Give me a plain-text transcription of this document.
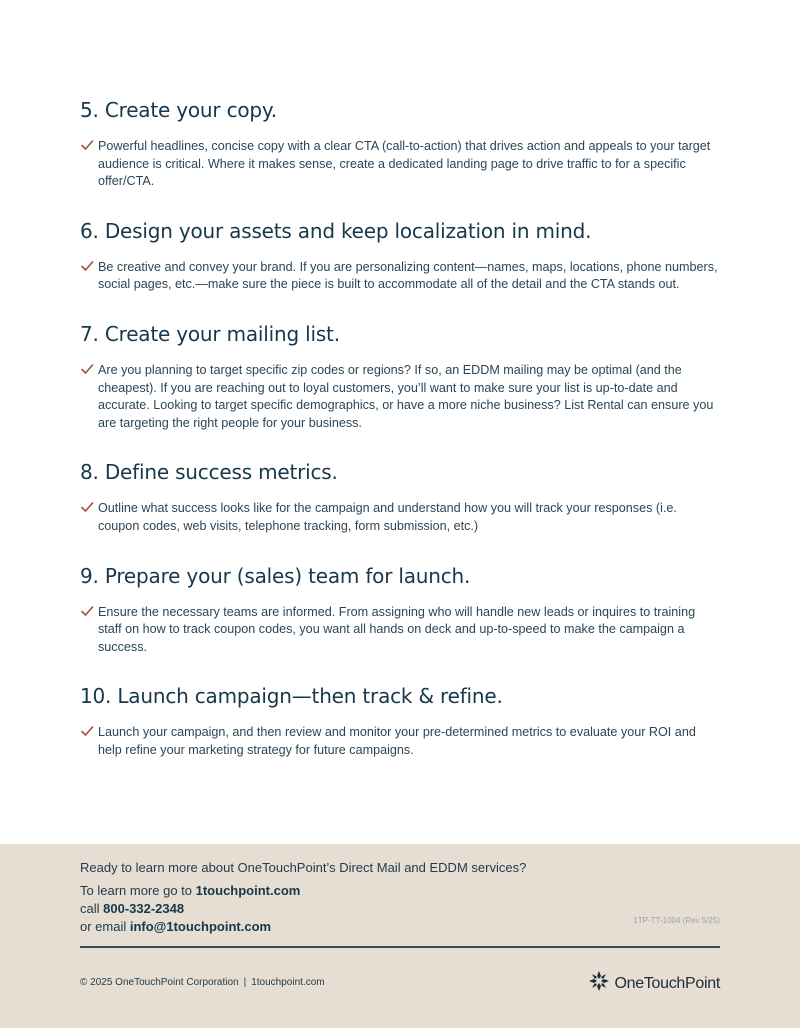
5. Create your copy.

Powerful headlines, concise copy with a clear CTA (call-to-action) that drives action and appeals to your target audience is critical. Where it makes sense, create a dedicated landing page to drive traffic to for a specific offer/CTA.

6. Design your assets and keep localization in mind.

Be creative and convey your brand. If you are personalizing content—names, maps, locations, phone numbers, social pages, etc.—make sure the piece is built to accommodate all of the detail and the CTA stands out.

7. Create your mailing list.

Are you planning to target specific zip codes or regions? If so, an EDDM mailing may be optimal (and the cheapest). If you are reaching out to loyal customers, you’ll want to make sure your list is up-to-date and accurate. Looking to target specific demographics, or have a more niche business? List Rental can ensure you are targeting the right people for your business.

8. Define success metrics.

Outline what success looks like for the campaign and understand how you will track your responses (i.e. coupon codes, web visits, telephone tracking, form submission, etc.)

9. Prepare your (sales) team for launch.

Ensure the necessary teams are informed. From assigning who will handle new leads or inquires to training staff on how to track coupon codes, you want all hands on deck and up-to-speed to make the campaign a success.

10. Launch campaign—then track & refine.

Launch your campaign, and then review and monitor your pre-determined metrics to evaluate your ROI and help refine your marketing strategy for future campaigns.

Ready to learn more about OneTouchPoint’s Direct Mail and EDDM services?
To learn more go to 1touchpoint.com
call 800-332-2348
or email info@1touchpoint.com	1TP-TT-1004 (Rev 5/25)
© 2025 OneTouchPoint Corporation | 1touchpoint.com	OneTouchPoint
